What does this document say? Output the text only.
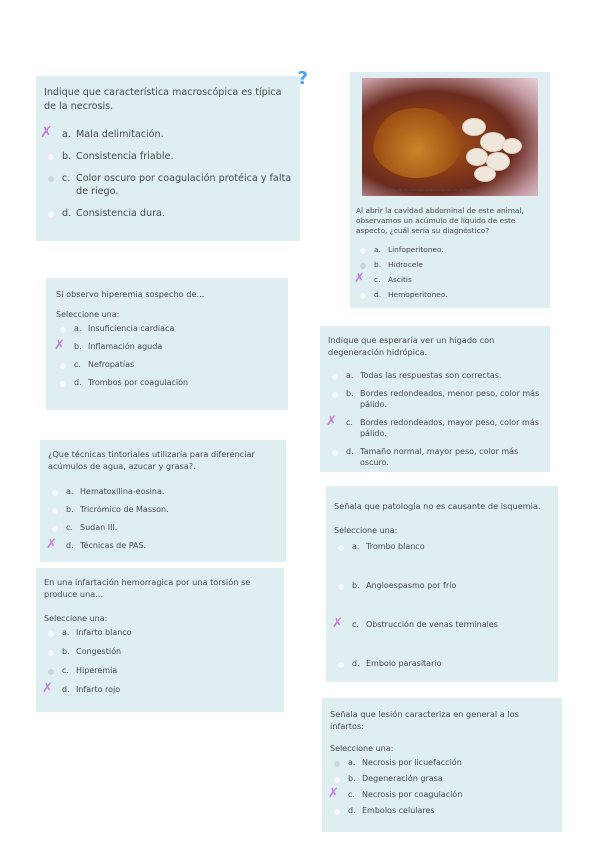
?
Indique que característica macroscópica es típica de la necrosis.
✗ a. Mala delimitación.
b. Consistencia friable.
c. Color oscuro por coagulación protéica y falta de riego.
d. Consistencia dura.
Imagen de la cavidad abdominal de un animal
Al abrir la cavidad abdominal de este animal, observamos un acúmulo de líquido de este aspecto, ¿cuál sería su diagnóstico?
a. Linfoperitoneo.
b. Hidrocele
✗ c.	Ascitis
d. Hemoperitoneo.
Si observo hiperemia sospecho de...
Seleccione una:
a. Insuficiencia cardiaca
✗ b. Inflamación aguda
c. Nefropatías
d. Trombos por coagulación
Indique que esperaría ver un hígado con degeneración hidrópica.
a. Todas las respuestas son correctas.
b. Bordes redondeados, menor peso, color más pálido.
✗ c. Bordes redondeados, mayor peso, color más pálido.
d. Tamaño normal, mayor peso, color más oscuro.
¿Que técnicas tintoriales utilizaría para diferenciar acúmulos de agua, azucar y grasa?.
a. Hematoxilina-eosina.
b. Tricrómico de Masson.
c. Sudan III.
✗ d. Técnicas de PAS.
Señala que patología no es causante de isquemia.
Seleccione una:
a. Trombo blanco
b. Angioespasmo por frío
✗ c. Obstrucción de venas terminales
d. Embolo parasitario
En una infartación hemorragica por una torsión se produce una...
Seleccione una:
a. Infarto blanco
b. Congestión
c. Hiperemia
✗ d. Infarto rojo
Señala que lesión caracteriza en general a los infartos:
Seleccione una:
a. Necrosis por licuefacción
b. Degeneración grasa
✗ c. Necrosis por coagulación
d. Embolos celulares
